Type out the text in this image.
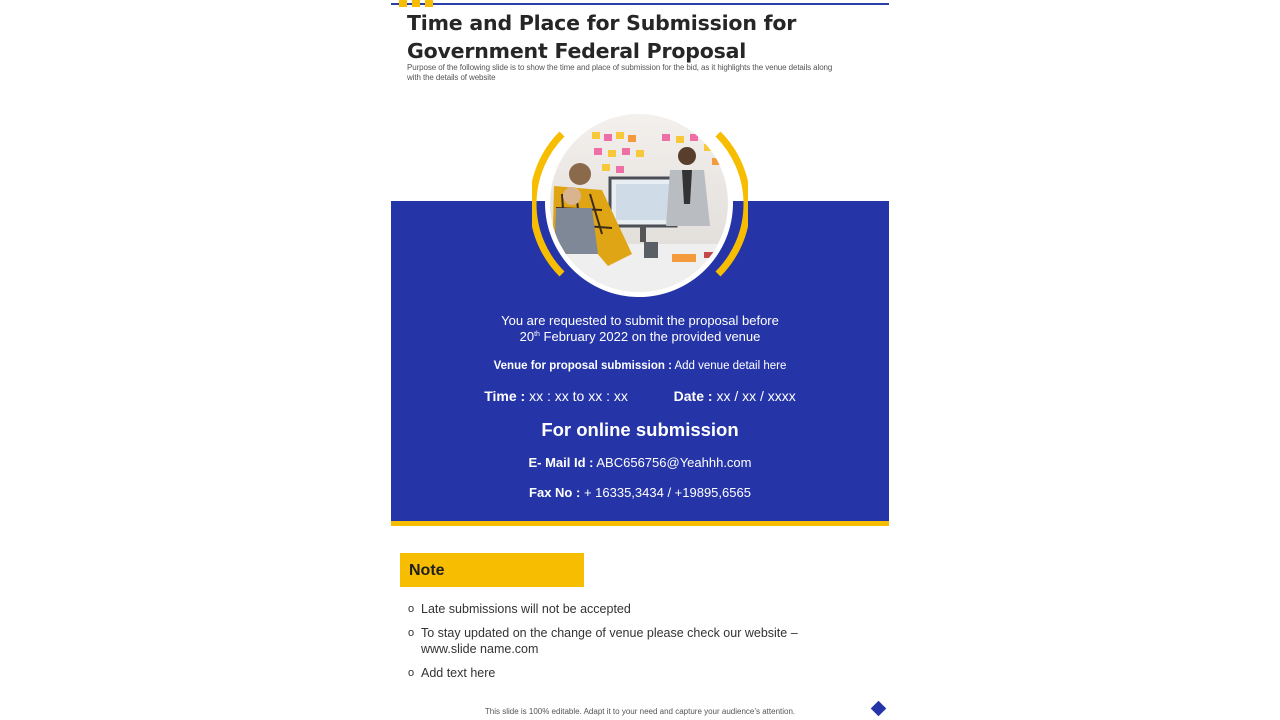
Time and Place for Submission for
Government Federal Proposal

Purpose of the following slide is to show the time and place of submission for the bid, as it highlights the venue details along
with the details of website

You are requested to submit the proposal before
20th February 2022 on the provided venue
Venue for proposal submission : Add venue detail here
Time : xx : xx to xx : xx	Date : xx / xx / xxxx
For online submission
E- Mail Id : ABC656756@Yeahhh.com
Fax No : + 16335,3434 / +19895,6565
Note
o Late submissions will not be accepted
o To stay updated on the change of venue please check our website –
www.slide name.com
o Add text here
This slide is 100% editable. Adapt it to your need and capture your audience’s attention.
